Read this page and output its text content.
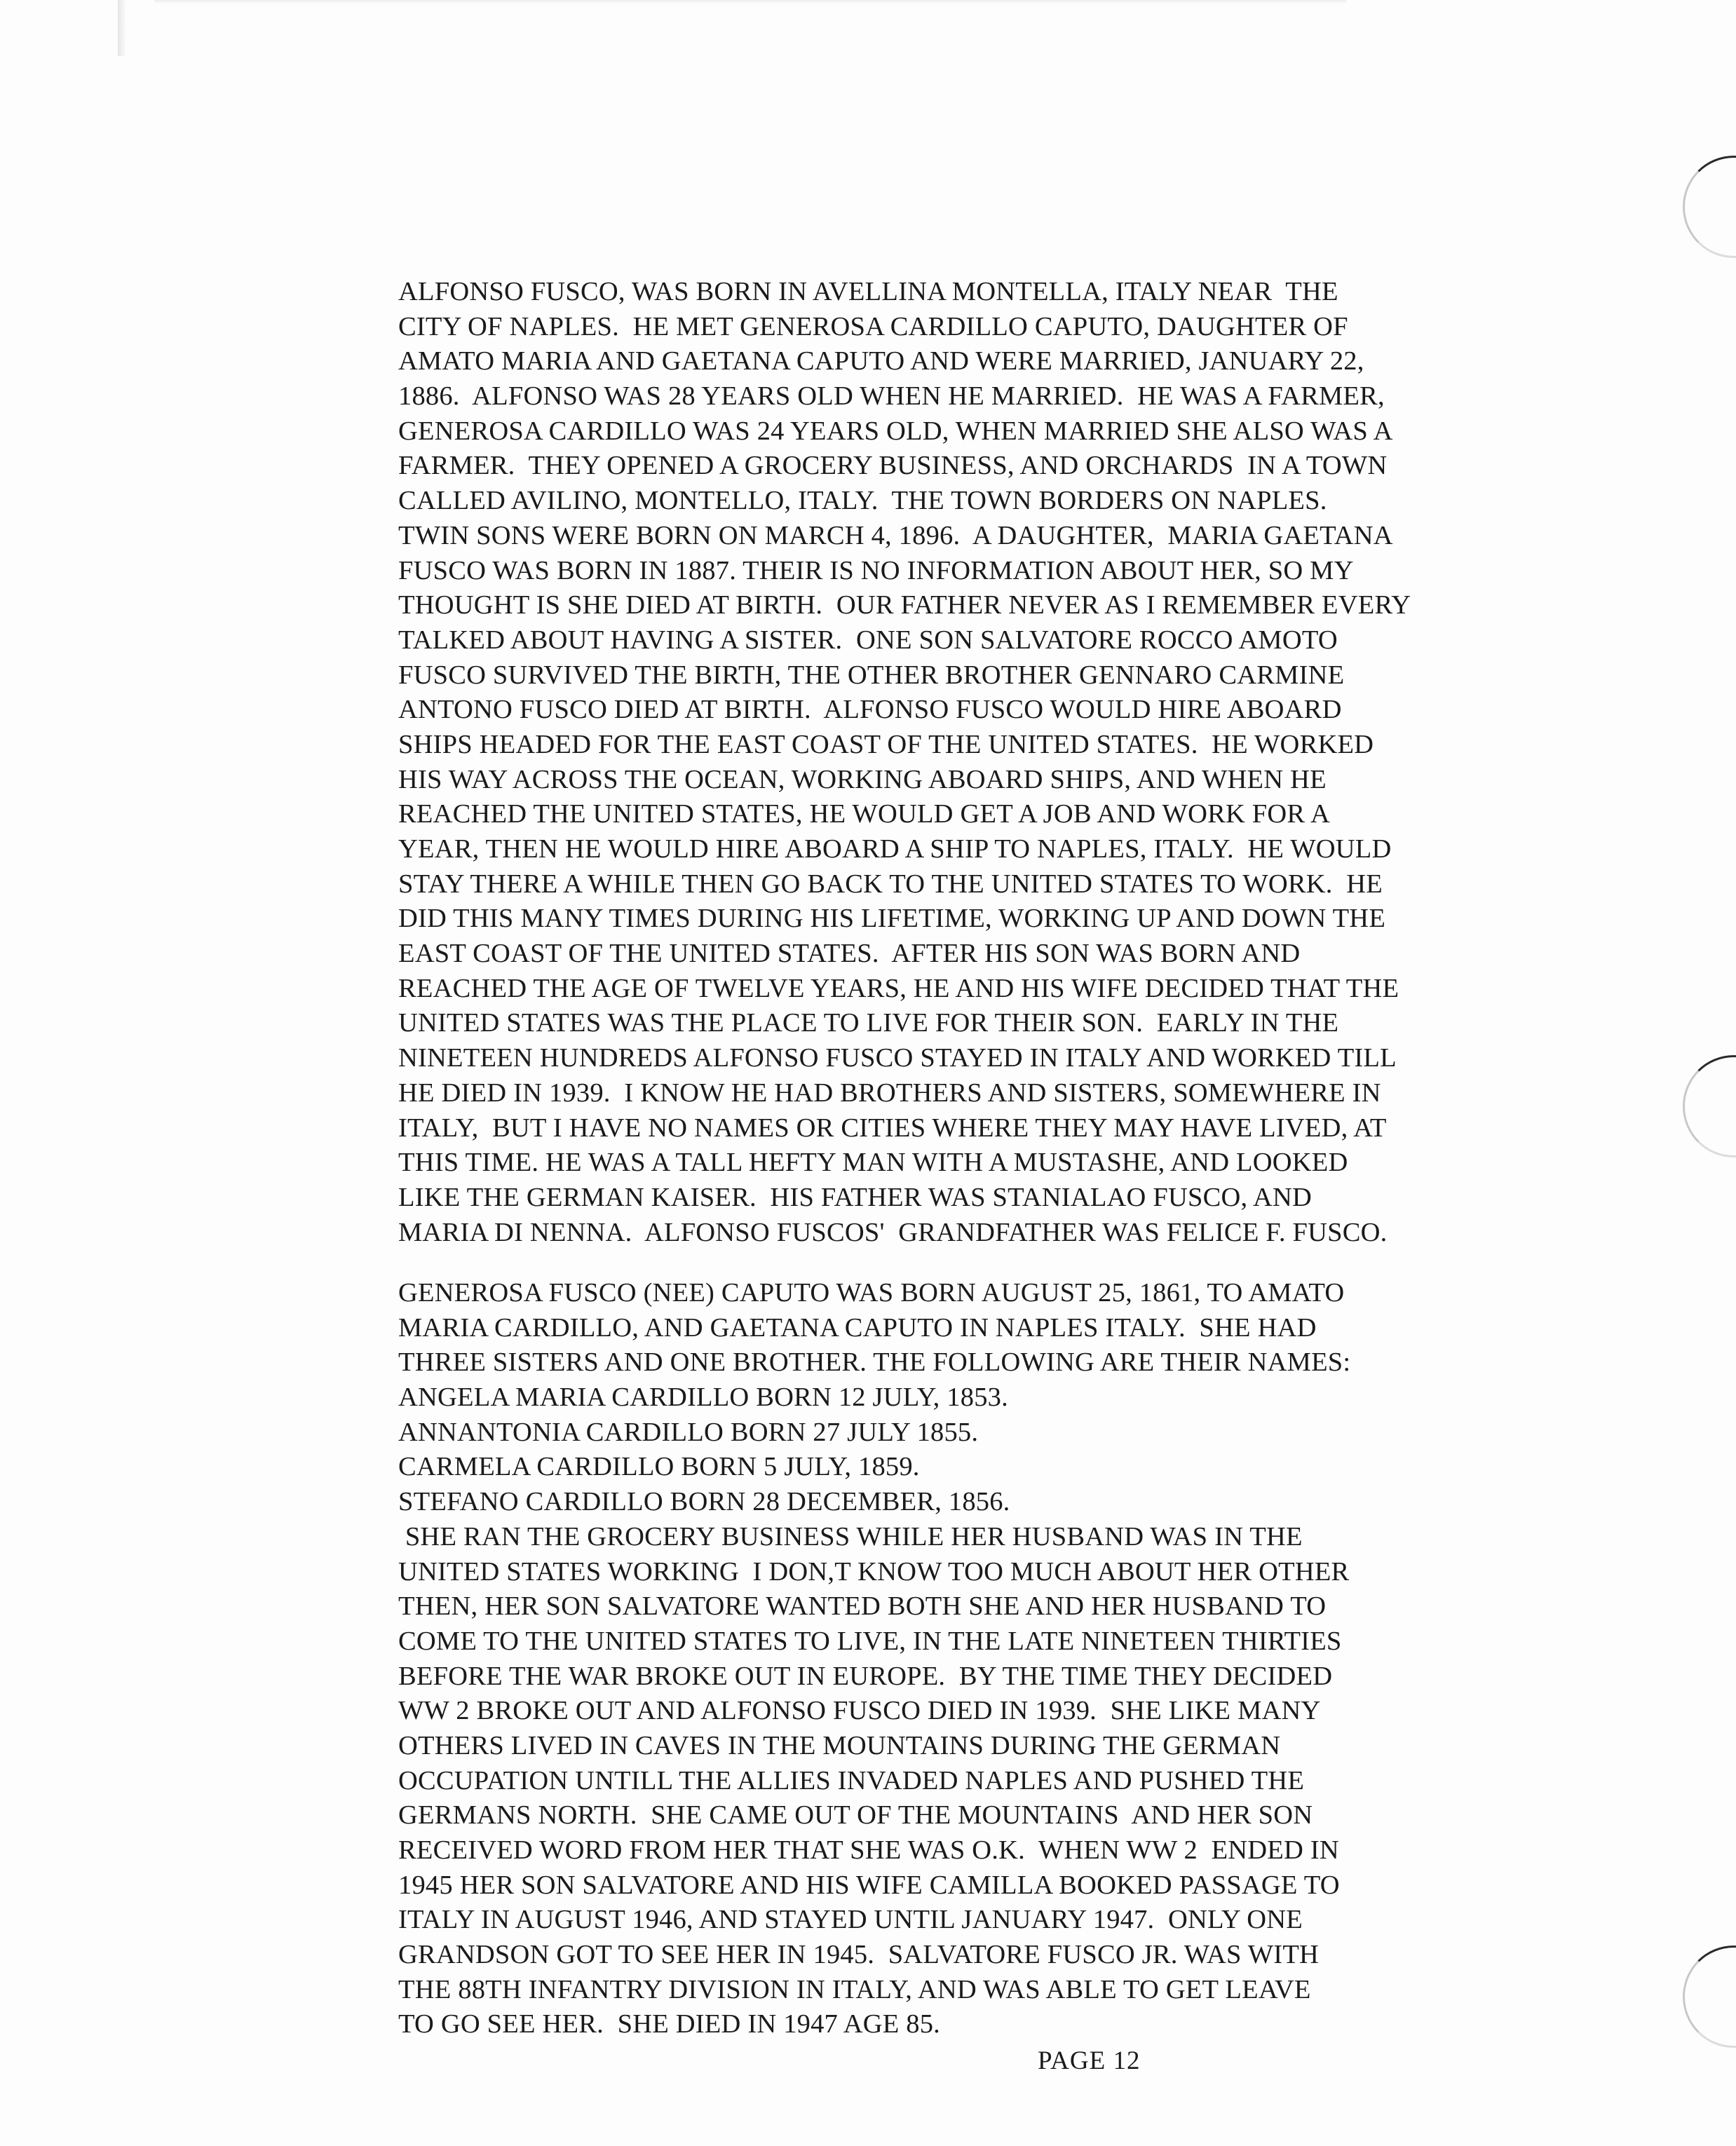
ALFONSO FUSCO, WAS BORN IN AVELLINA MONTELLA, ITALY NEAR  THE
CITY OF NAPLES.  HE MET GENEROSA CARDILLO CAPUTO, DAUGHTER OF
AMATO MARIA AND GAETANA CAPUTO AND WERE MARRIED, JANUARY 22,
1886.  ALFONSO WAS 28 YEARS OLD WHEN HE MARRIED.  HE WAS A FARMER,
GENEROSA CARDILLO WAS 24 YEARS OLD, WHEN MARRIED SHE ALSO WAS A
FARMER.  THEY OPENED A GROCERY BUSINESS, AND ORCHARDS  IN A TOWN
CALLED AVILINO, MONTELLO, ITALY.  THE TOWN BORDERS ON NAPLES.
TWIN SONS WERE BORN ON MARCH 4, 1896.  A DAUGHTER,  MARIA GAETANA
FUSCO WAS BORN IN 1887. THEIR IS NO INFORMATION ABOUT HER, SO MY
THOUGHT IS SHE DIED AT BIRTH.  OUR FATHER NEVER AS I REMEMBER EVERY
TALKED ABOUT HAVING A SISTER.  ONE SON SALVATORE ROCCO AMOTO
FUSCO SURVIVED THE BIRTH, THE OTHER BROTHER GENNARO CARMINE
ANTONO FUSCO DIED AT BIRTH.  ALFONSO FUSCO WOULD HIRE ABOARD
SHIPS HEADED FOR THE EAST COAST OF THE UNITED STATES.  HE WORKED
HIS WAY ACROSS THE OCEAN, WORKING ABOARD SHIPS, AND WHEN HE
REACHED THE UNITED STATES, HE WOULD GET A JOB AND WORK FOR A
YEAR, THEN HE WOULD HIRE ABOARD A SHIP TO NAPLES, ITALY.  HE WOULD
STAY THERE A WHILE THEN GO BACK TO THE UNITED STATES TO WORK.  HE
DID THIS MANY TIMES DURING HIS LIFETIME, WORKING UP AND DOWN THE
EAST COAST OF THE UNITED STATES.  AFTER HIS SON WAS BORN AND
REACHED THE AGE OF TWELVE YEARS, HE AND HIS WIFE DECIDED THAT THE
UNITED STATES WAS THE PLACE TO LIVE FOR THEIR SON.  EARLY IN THE
NINETEEN HUNDREDS ALFONSO FUSCO STAYED IN ITALY AND WORKED TILL
HE DIED IN 1939.  I KNOW HE HAD BROTHERS AND SISTERS, SOMEWHERE IN
ITALY,  BUT I HAVE NO NAMES OR CITIES WHERE THEY MAY HAVE LIVED, AT
THIS TIME. HE WAS A TALL HEFTY MAN WITH A MUSTASHE, AND LOOKED
LIKE THE GERMAN KAISER.  HIS FATHER WAS STANIALAO FUSCO, AND
MARIA DI NENNA.  ALFONSO FUSCOS'  GRANDFATHER WAS FELICE F. FUSCO.
GENEROSA FUSCO (NEE) CAPUTO WAS BORN AUGUST 25, 1861, TO AMATO
MARIA CARDILLO, AND GAETANA CAPUTO IN NAPLES ITALY.  SHE HAD
THREE SISTERS AND ONE BROTHER. THE FOLLOWING ARE THEIR NAMES:
ANGELA MARIA CARDILLO BORN 12 JULY, 1853.
ANNANTONIA CARDILLO BORN 27 JULY 1855.
CARMELA CARDILLO BORN 5 JULY, 1859.
STEFANO CARDILLO BORN 28 DECEMBER, 1856.
SHE RAN THE GROCERY BUSINESS WHILE HER HUSBAND WAS IN THE
UNITED STATES WORKING  I DON,T KNOW TOO MUCH ABOUT HER OTHER
THEN, HER SON SALVATORE WANTED BOTH SHE AND HER HUSBAND TO
COME TO THE UNITED STATES TO LIVE, IN THE LATE NINETEEN THIRTIES
BEFORE THE WAR BROKE OUT IN EUROPE.  BY THE TIME THEY DECIDED
WW 2 BROKE OUT AND ALFONSO FUSCO DIED IN 1939.  SHE LIKE MANY
OTHERS LIVED IN CAVES IN THE MOUNTAINS DURING THE GERMAN
OCCUPATION UNTILL THE ALLIES INVADED NAPLES AND PUSHED THE
GERMANS NORTH.  SHE CAME OUT OF THE MOUNTAINS  AND HER SON
RECEIVED WORD FROM HER THAT SHE WAS O.K.  WHEN WW 2  ENDED IN
1945 HER SON SALVATORE AND HIS WIFE CAMILLA BOOKED PASSAGE TO
ITALY IN AUGUST 1946, AND STAYED UNTIL JANUARY 1947.  ONLY ONE
GRANDSON GOT TO SEE HER IN 1945.  SALVATORE FUSCO JR. WAS WITH
THE 88TH INFANTRY DIVISION IN ITALY, AND WAS ABLE TO GET LEAVE
TO GO SEE HER.  SHE DIED IN 1947 AGE 85.
PAGE 12
